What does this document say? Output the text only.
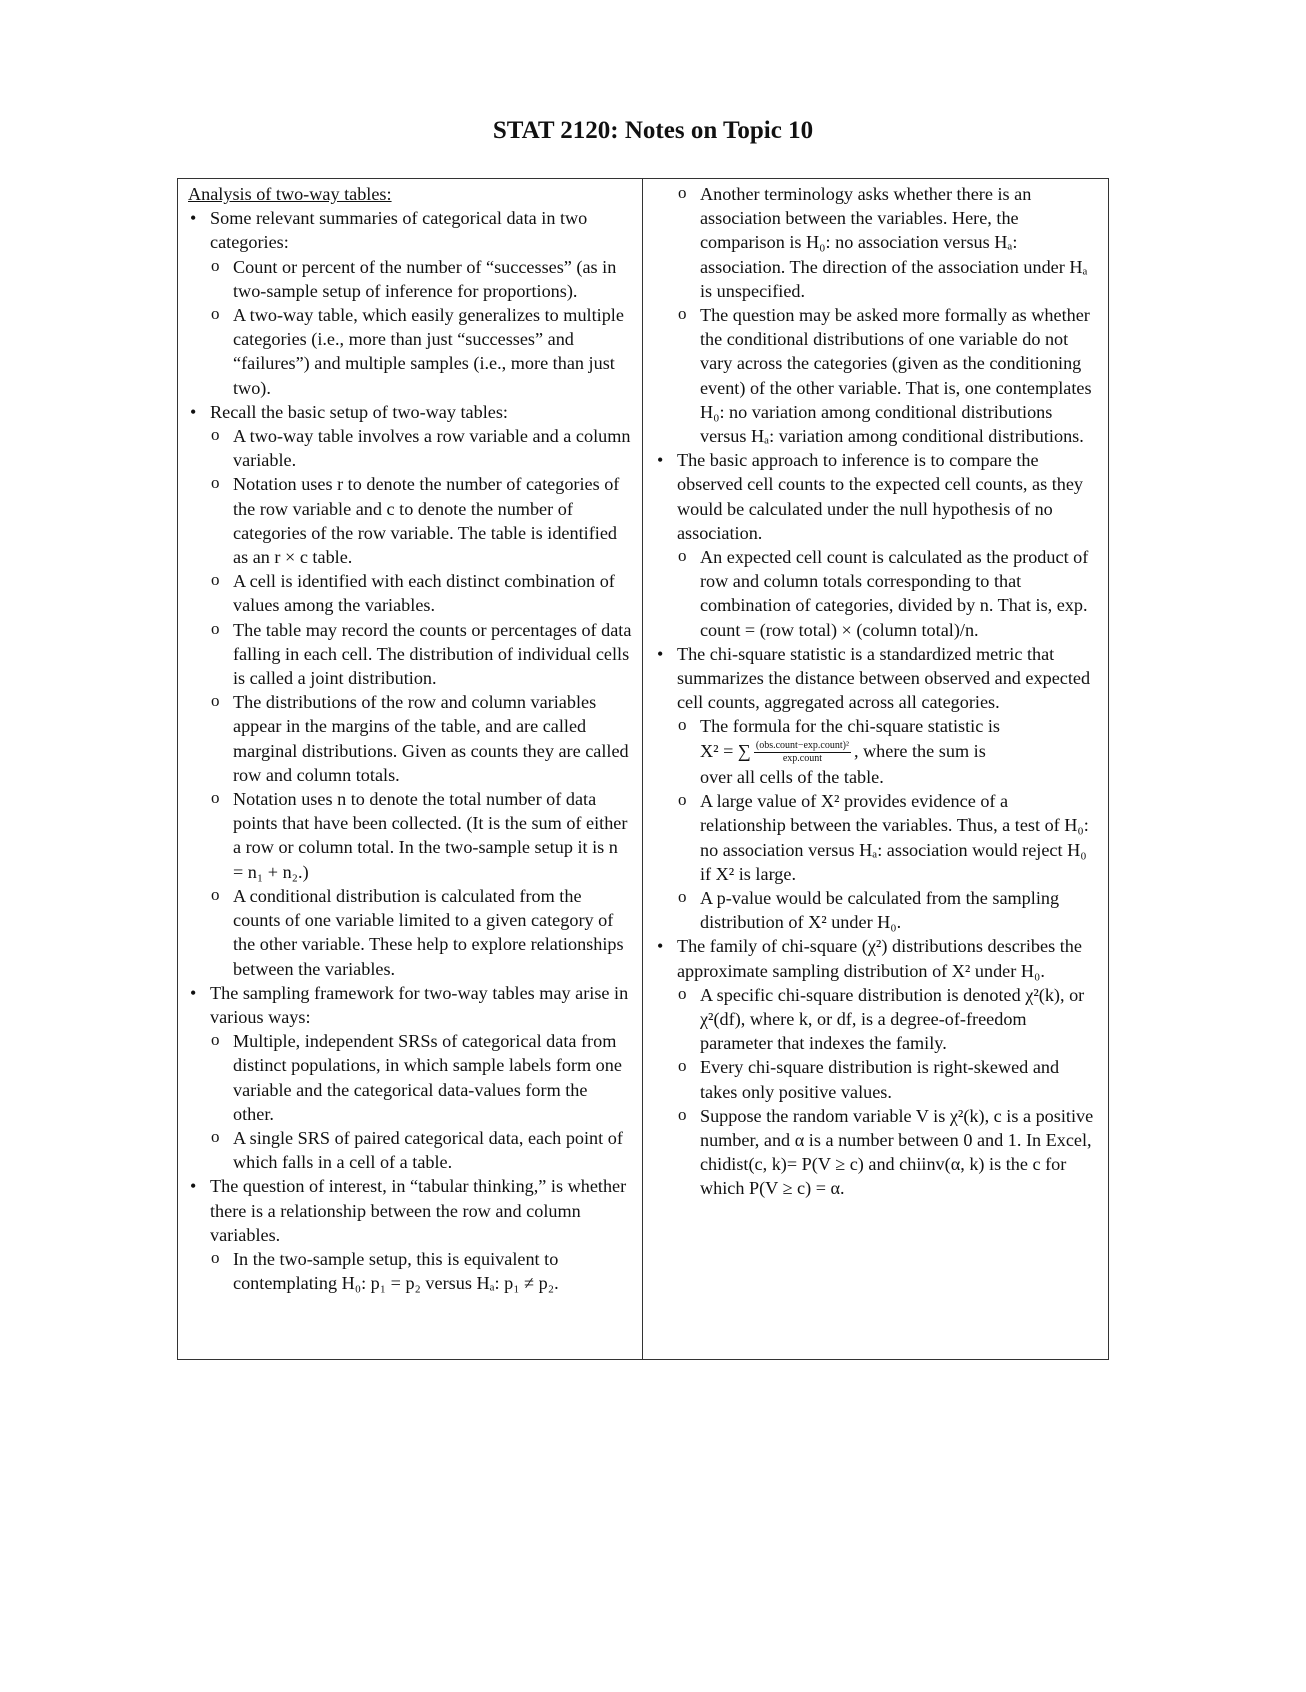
STAT 2120: Notes on Topic 10

Analysis of two-way tables:

• Some relevant summaries of categorical data in two categories:
o Count or percent of the number of “successes” (as in two-sample setup of inference for proportions).
o A two-way table, which easily generalizes to multiple categories (i.e., more than just “successes” and “failures”) and multiple samples (i.e., more than just two).
• Recall the basic setup of two-way tables:
o A two-way table involves a row variable and a column variable.
o Notation uses r to denote the number of categories of the row variable and c to denote the number of categories of the row variable. The table is identified as an r × c table.
o A cell is identified with each distinct combination of values among the variables.
o The table may record the counts or percentages of data falling in each cell. The distribution of individual cells is called a joint distribution.
o The distributions of the row and column variables appear in the margins of the table, and are called marginal distributions. Given as counts they are called row and column totals.
o Notation uses n to denote the total number of data points that have been collected. (It is the sum of either a row or column total. In the two-sample setup it is n = n₁ + n₂.)
o A conditional distribution is calculated from the counts of one variable limited to a given category of the other variable. These help to explore relationships between the variables.
• The sampling framework for two-way tables may arise in various ways:
o Multiple, independent SRSs of categorical data from distinct populations, in which sample labels form one variable and the categorical data-values form the other.
o A single SRS of paired categorical data, each point of which falls in a cell of a table.
• The question of interest, in “tabular thinking,” is whether there is a relationship between the row and column variables.
o In the two-sample setup, this is equivalent to contemplating H₀: p₁ = p₂ versus Hₐ: p₁ ≠ p₂.
o Another terminology asks whether there is an association between the variables. Here, the comparison is H₀: no association versus Hₐ: association. The direction of the association under Hₐ is unspecified.
o The question may be asked more formally as whether the conditional distributions of one variable do not vary across the categories (given as the conditioning event) of the other variable. That is, one contemplates H₀: no variation among conditional distributions versus Hₐ: variation among conditional distributions.
• The basic approach to inference is to compare the observed cell counts to the expected cell counts, as they would be calculated under the null hypothesis of no association.
o An expected cell count is calculated as the product of row and column totals corresponding to that combination of categories, divided by n. That is, exp. count = (row total) × (column total)/n.
• The chi-square statistic is a standardized metric that summarizes the distance between observed and expected cell counts, aggregated across all categories.
o The formula for the chi-square statistic is
X² = ∑ $\frac{\text{(obs.count−exp.count)²}}{\text{exp.count}}$ , where the sum is
over all cells of the table.
o A large value of X² provides evidence of a relationship between the variables. Thus, a test of H₀: no association versus Hₐ: association would reject H₀ if X² is large.
o A p-value would be calculated from the sampling distribution of X² under H₀.
• The family of chi-square (χ²) distributions describes the approximate sampling distribution of X² under H₀.
o A specific chi-square distribution is denoted χ²(k), or χ²(df), where k, or df, is a degree-of-freedom parameter that indexes the family.
o Every chi-square distribution is right-skewed and takes only positive values.
o Suppose the random variable V is χ²(k), c is a positive number, and α is a number between 0 and 1. In Excel, chidist(c, k)= P(V ≥ c) and chiinv(α, k) is the c for which P(V ≥ c) = α.
